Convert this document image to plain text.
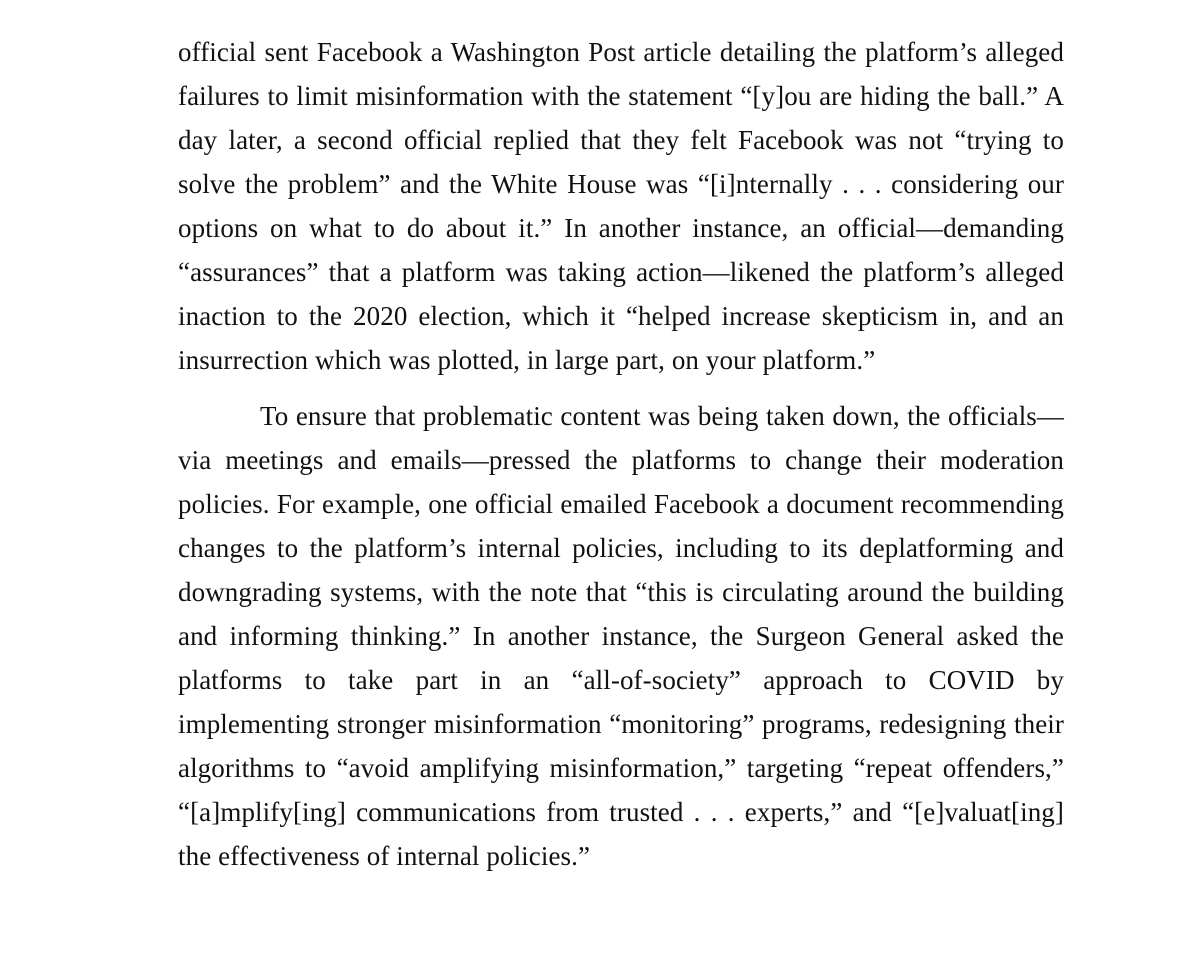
official sent Facebook a Washington Post article detailing the platform’s alleged failures to limit misinformation with the statement “[y]ou are hiding the ball.” A day later, a second official replied that they felt Facebook was not “trying to solve the problem” and the White House was “[i]nternally . . . considering our options on what to do about it.” In another instance, an official—demanding “assurances” that a platform was taking action—likened the platform’s alleged inaction to the 2020 election, which it “helped increase skepticism in, and an insurrection which was plotted, in large part, on your platform.”

To ensure that problematic content was being taken down, the officials—via meetings and emails—pressed the platforms to change their moderation policies. For example, one official emailed Facebook a document recommending changes to the platform’s internal policies, including to its deplatforming and downgrading systems, with the note that “this is circulating around the building and informing thinking.” In another instance, the Surgeon General asked the platforms to take part in an “all-of-society” approach to COVID by implementing stronger misinformation “monitoring” programs, redesigning their algorithms to “avoid amplifying misinformation,” targeting “repeat offenders,” “[a]mplify[ing] communications from trusted . . . experts,” and “[e]valuat[ing] the effectiveness of internal policies.”
